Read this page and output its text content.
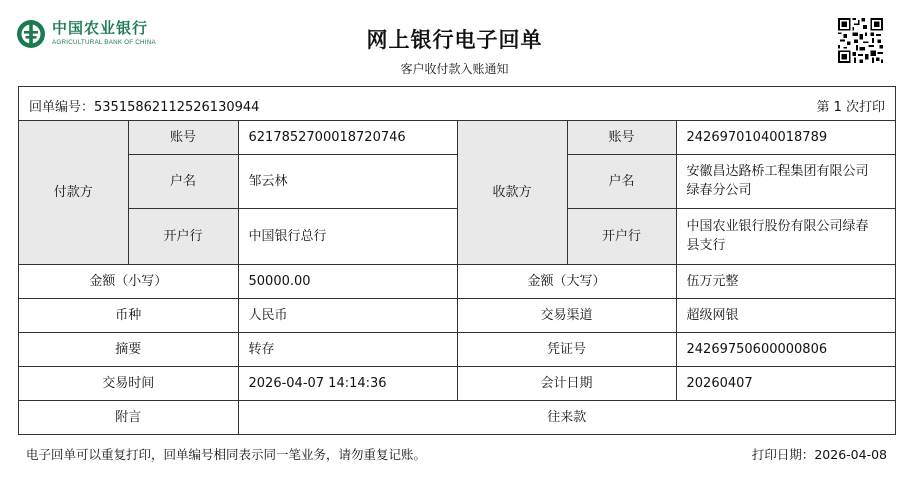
中国农业银行
AGRICULTURAL BANK OF CHINA	网上银行电子回单
客户收付款入账通知
回单编号：53515862112526130944	第 1 次打印
付款方	账号	6217852700018720746	收款方	账号	24269701040018789
	户名	邹云林		户名	安徽昌达路桥工程集团有限公司
绿春分公司

	开户行	中国银行总行		开户行	中国农业银行股份有限公司绿春
县支行

金额（小写）		50000.00	金额（大写）		伍万元整
币种		人民币	交易渠道		超级网银
摘要		转存	凭证号		24269750600000806
交易时间		2026-04-07 14:14:36	会计日期		20260407
附言		往来款			
电子回单可以重复打印，回单编号相同表示同一笔业务，请勿重复记账。	打印日期：2026-04-08
